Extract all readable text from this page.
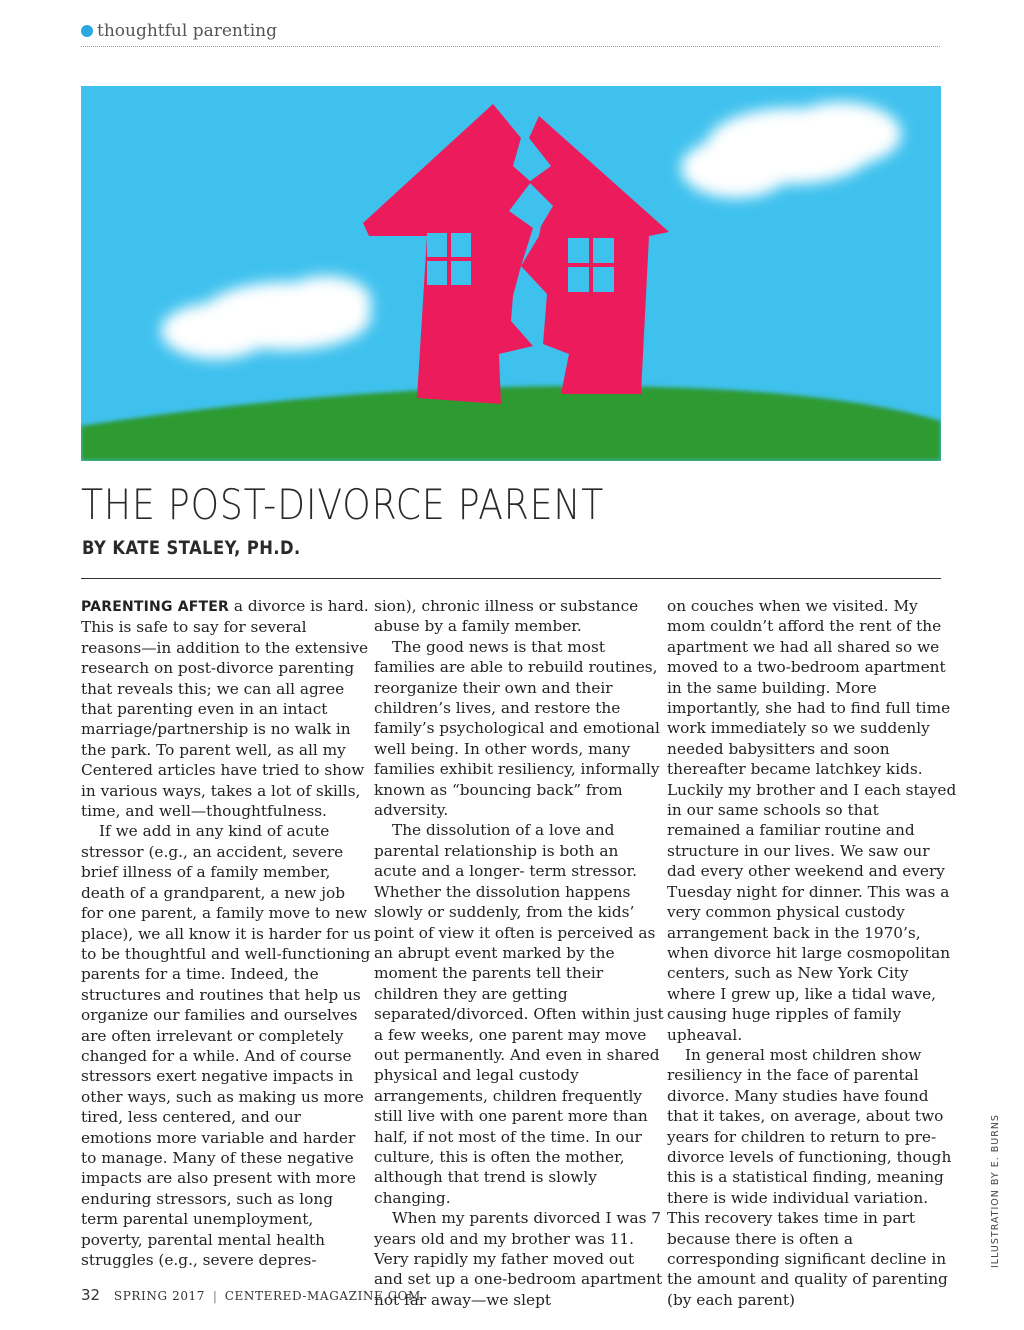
thoughtful parenting
THE POST-DIVORCE PARENT
BY KATE STALEY, PH.D.

PARENTING AFTER a divorce is hard. This is safe to say for several reasons—in addition to the extensive research on post-divorce parenting that reveals this; we can all agree that parenting even in an intact marriage/partnership is no walk in the park. To parent well, as all my Centered articles have tried to show in various ways, takes a lot of skills, time, and well—thoughtfulness.

If we add in any kind of acute stressor (e.g., an accident, severe brief illness of a family member, death of a grandparent, a new job for one parent, a family move to new place), we all know it is harder for us to be thoughtful and well-functioning parents for a time. Indeed, the structures and routines that help us organize our families and ourselves are often irrelevant or completely changed for a while. And of course stressors exert negative impacts in other ways, such as making us more tired, less centered, and our emotions more variable and harder to manage. Many of these negative impacts are also present with more enduring stressors, such as long term parental unemployment, poverty, parental mental health struggles (e.g., severe depres-

sion), chronic illness or substance abuse by a family member.

The good news is that most families are able to rebuild routines, reorganize their own and their children’s lives, and restore the family’s psychological and emotional well being. In other words, many families exhibit resiliency, informally known as “bouncing back” from adversity.

The dissolution of a love and parental relationship is both an acute and a longer- term stressor. Whether the dissolution happens slowly or suddenly, from the kids’ point of view it often is perceived as an abrupt event marked by the moment the parents tell their children they are getting separated/divorced. Often within just a few weeks, one parent may move out permanently. And even in shared physical and legal custody arrangements, children frequently still live with one parent more than half, if not most of the time. In our culture, this is often the mother, although that trend is slowly changing.

When my parents divorced I was 7 years old and my brother was 11. Very rapidly my father moved out and set up a one-bedroom apartment not far away—we slept

on couches when we visited. My mom couldn’t afford the rent of the apartment we had all shared so we moved to a two-bedroom apartment in the same building. More importantly, she had to find full time work immediately so we suddenly needed babysitters and soon thereafter became latchkey kids. Luckily my brother and I each stayed in our same schools so that remained a familiar routine and structure in our lives. We saw our dad every other weekend and every Tuesday night for dinner. This was a very common physical custody arrangement back in the 1970’s, when divorce hit large cosmopolitan centers, such as New York City where I grew up, like a tidal wave, causing huge ripples of family upheaval.

In general most children show resiliency in the face of parental divorce. Many studies have found that it takes, on average, about two years for children to return to pre-divorce levels of functioning, though this is a statistical finding, meaning there is wide individual variation. This recovery takes time in part because there is often a corresponding significant decline in the amount and quality of parenting (by each parent)

ILLUSTRATION BY E. BURNS
32 SPRING 2017 | CENTERED-MAGAZINE.COM
